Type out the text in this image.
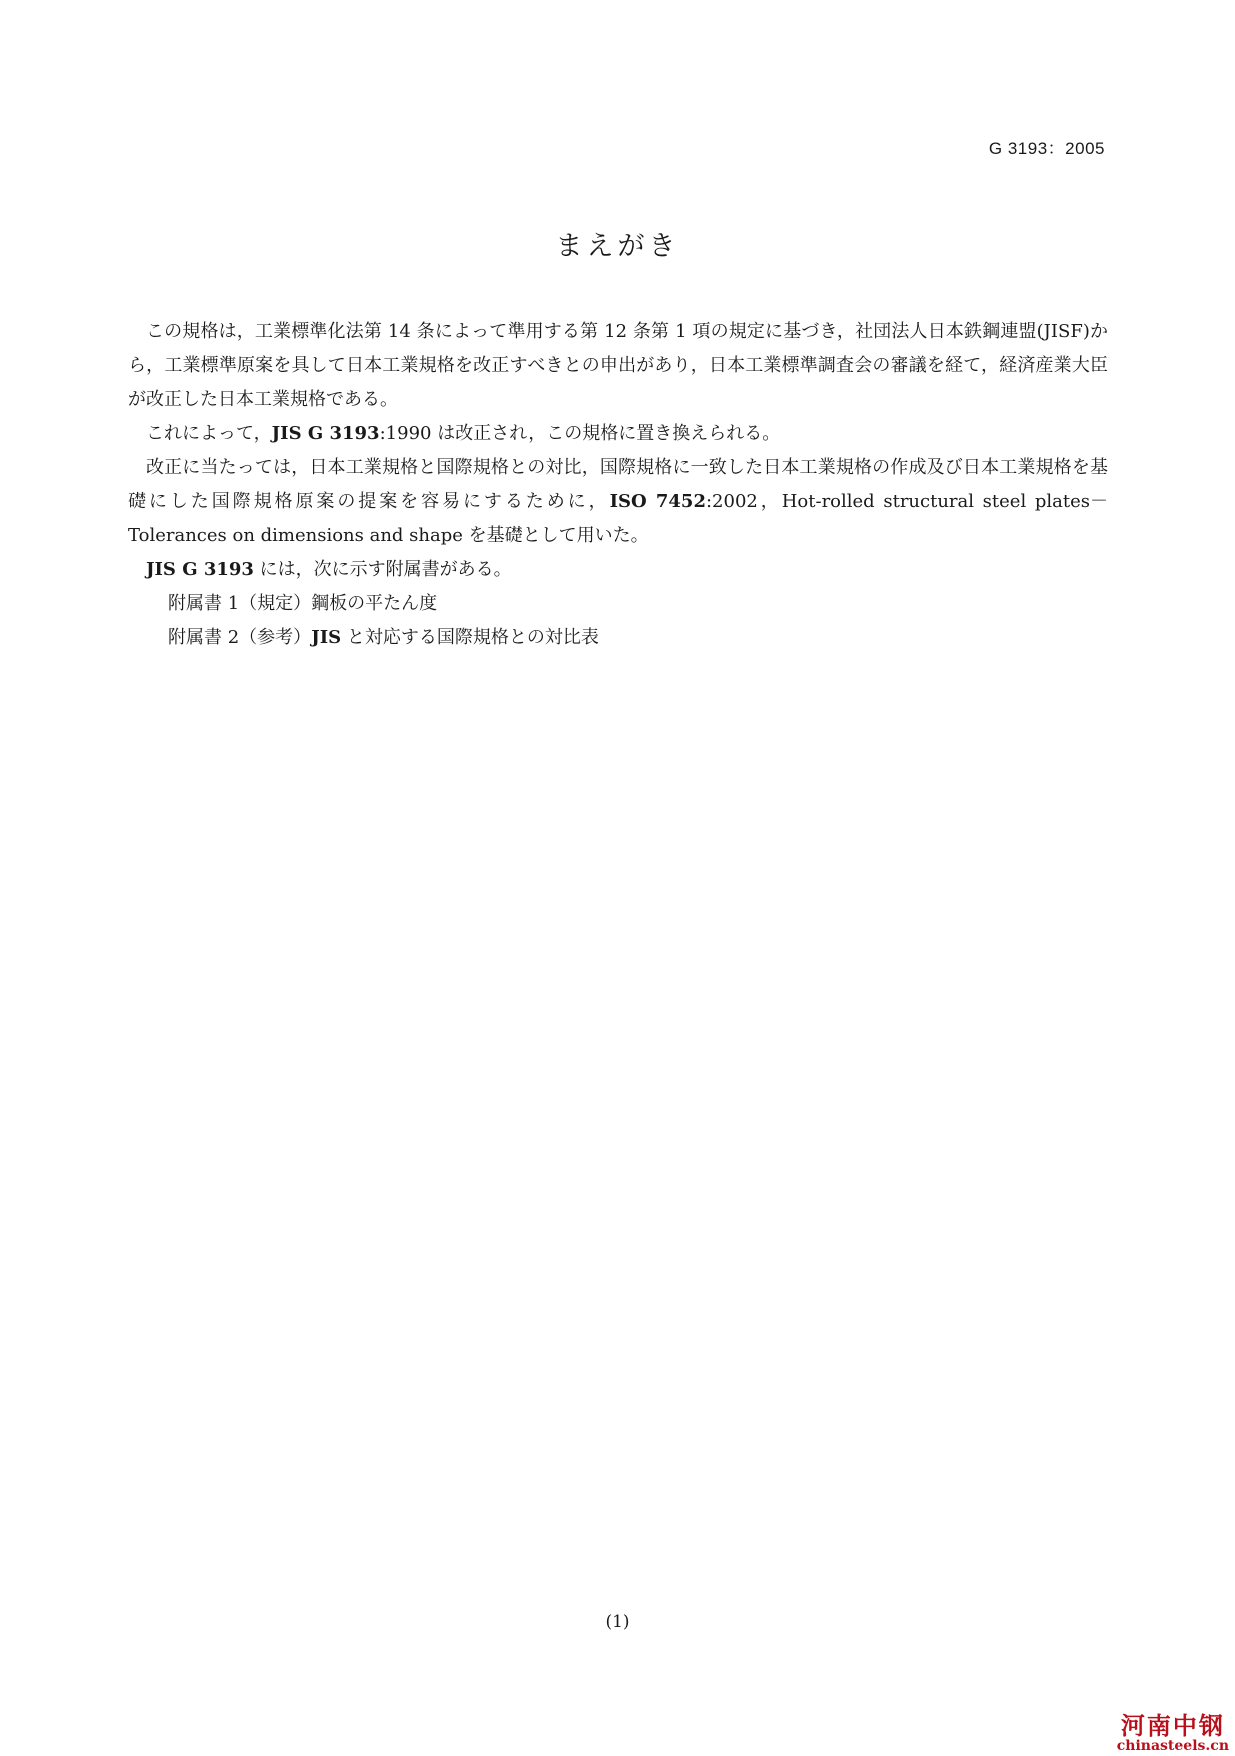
G 3193：2005
まえがき

この規格は，工業標準化法第 14 条によって準用する第 12 条第 1 項の規定に基づき，社団法人日本鉄鋼連盟(JISF)から，工業標準原案を具して日本工業規格を改正すべきとの申出があり，日本工業標準調査会の審議を経て，経済産業大臣が改正した日本工業規格である。

これによって，JIS G 3193:1990 は改正され，この規格に置き換えられる。

改正に当たっては，日本工業規格と国際規格との対比，国際規格に一致した日本工業規格の作成及び日本工業規格を基礎にした国際規格原案の提案を容易にするために，ISO 7452:2002，Hot-rolled structural steel plates－Tolerances on dimensions and shape を基礎として用いた。

JIS G 3193 には，次に示す附属書がある。

附属書 1（規定）鋼板の平たん度

附属書 2（参考）JIS と対応する国際規格との対比表

(1)
河南中钢
chinasteels.cn
